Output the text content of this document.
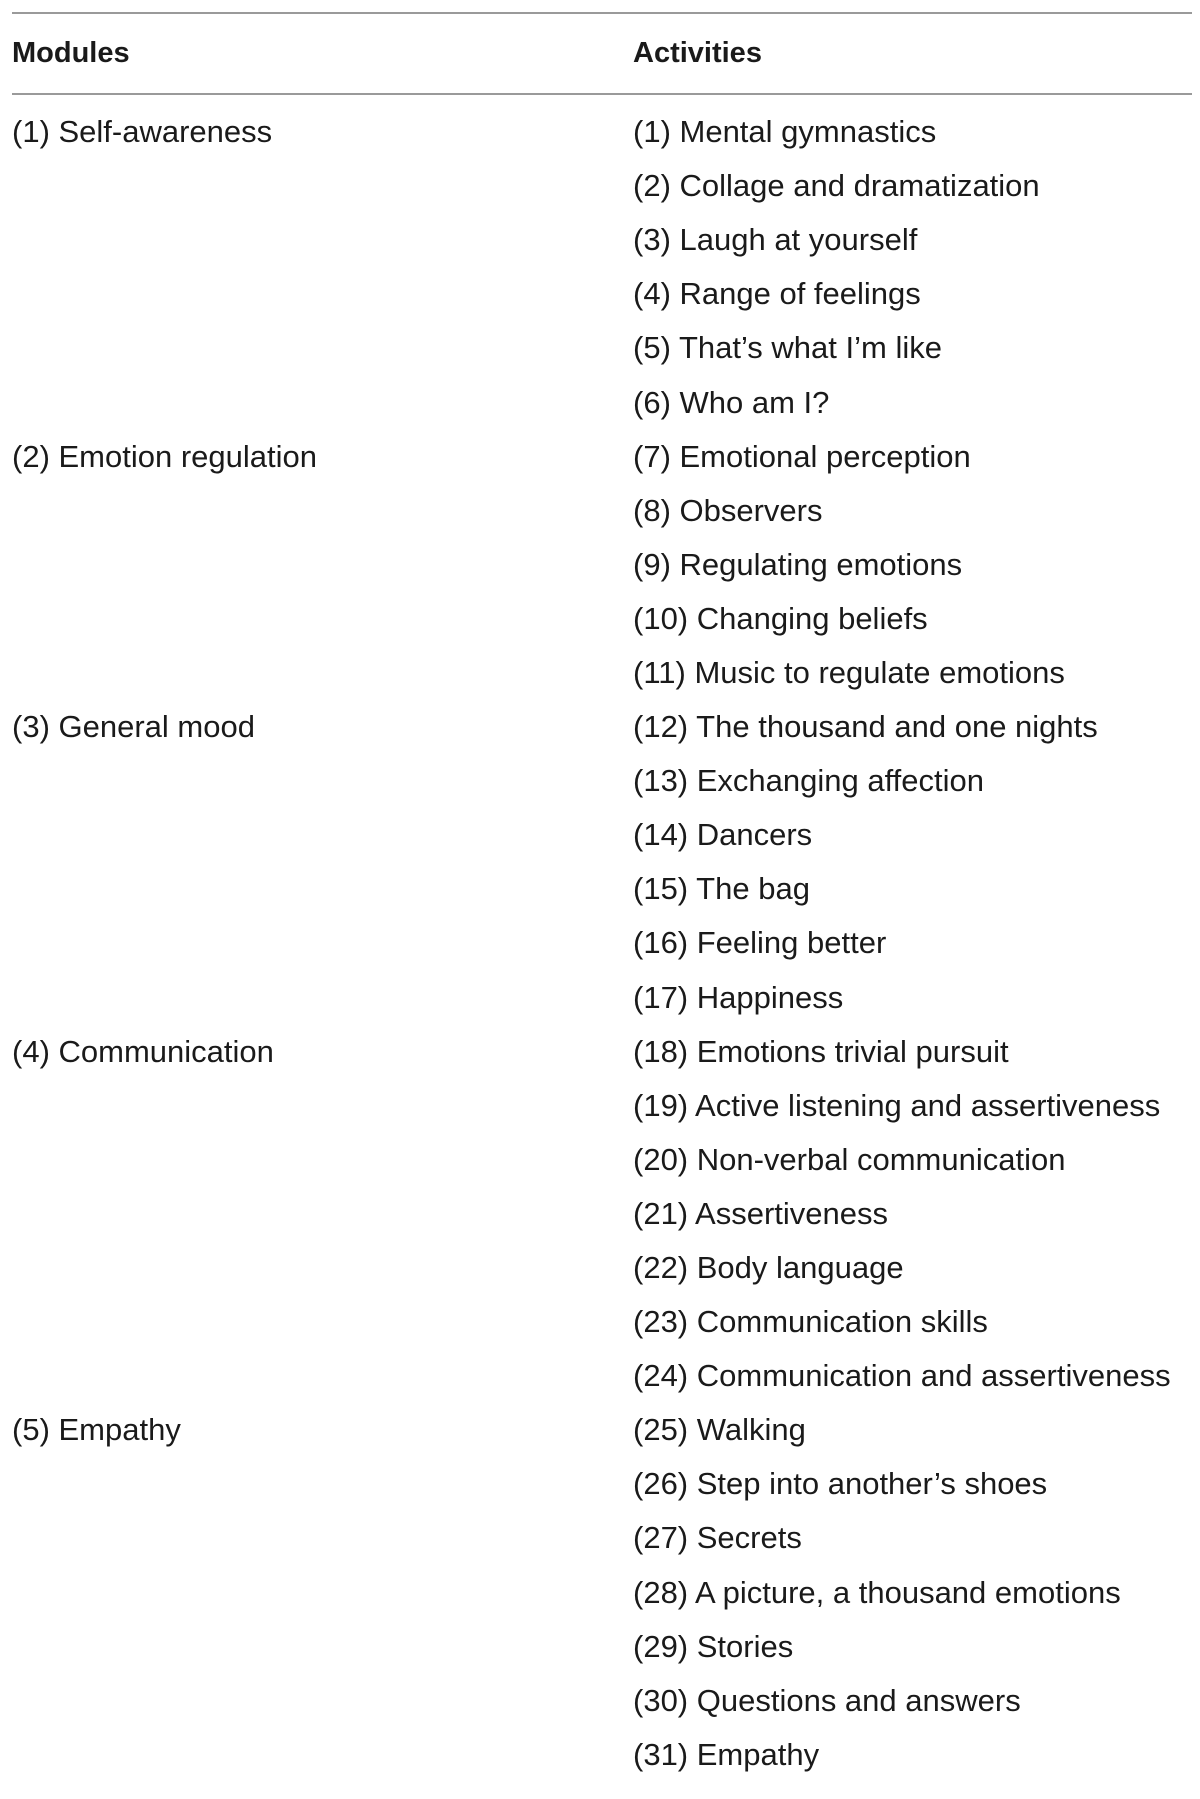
Modules	Activities
(1) Self-awareness	(1) Mental gymnastics
(2) Collage and dramatization
(3) Laugh at yourself
(4) Range of feelings
(5) That’s what I’m like
(6) Who am I?
(2) Emotion regulation	(7) Emotional perception
(8) Observers
(9) Regulating emotions
(10) Changing beliefs
(11) Music to regulate emotions
(3) General mood	(12) The thousand and one nights
(13) Exchanging affection
(14) Dancers
(15) The bag
(16) Feeling better
(17) Happiness
(4) Communication	(18) Emotions trivial pursuit
(19) Active listening and assertiveness
(20) Non-verbal communication
(21) Assertiveness
(22) Body language
(23) Communication skills
(24) Communication and assertiveness
(5) Empathy	(25) Walking
(26) Step into another’s shoes
(27) Secrets
(28) A picture, a thousand emotions
(29) Stories
(30) Questions and answers
(31) Empathy
